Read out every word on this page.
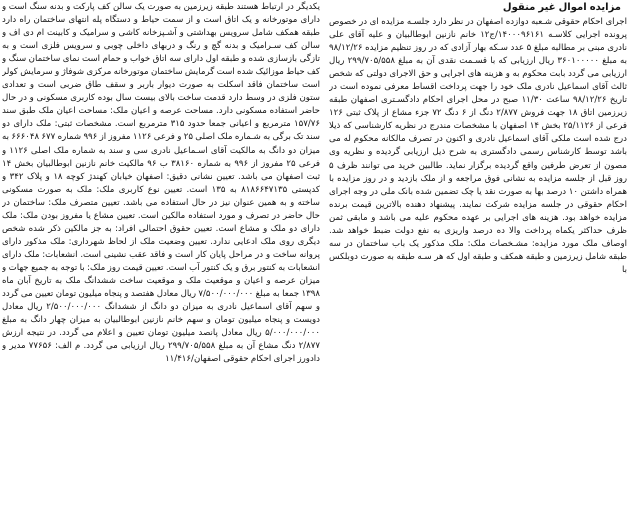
یکدیگر در ارتباط هستند طبقه زیرزمین به صورت یک سالن کف پارکت و بدنه سنگ است و دارای موتورخانه و یک اتاق است و از سمت حیاط و دستگاه پله انتهای ساختمان راه دارد طبقه همکف شامل سرویس بهداشتی و آشـپزخانه کاشی و سرامیک و کابینت ام دی اف و سالن کف سـرامیک و بدنه گچ و رنگ و دربهای داخلی چوبی و سرویس فلزی است و به تازگی بازسازی شده و طبقه اول دارای سه اتاق خواب و حمام است نمای ساختمان سنگ و کف حیاط موزائیک شده است گرمایش ساختمان موتورخانه مرکزی شوفاژ و سرمایش کولر است ساختمان فاقد اسکلت به صورت دیوار باربر و سقف طاق ضربی است و تعدادی ستون فلزی در وسط دارد قدمت ساخت بالای بیست سال بوده کاربری مسکونی و در حال حاضر استفاده مسکونی دارد. مساحت عرصه و اعیان ملک: مساحت اعیان ملک طبق سند ۱۵۷/۷۶ مترمربع و اعیانی جمعا حدود ۳۱۵ مترمربع است. مشخصات ثبتی: ملک دارای دو سند تک برگی به شـماره ملک اصلی ۲۵ و فرعی ۱۱۲۶ مفروز از ۹۹۶ شماره ۶۷۷ ۶۶۶۰۴۸ به میزان دو دانگ به مالکیت آقای اسـماعیل نادری سی و سند به شماره ملک اصلی ۱۱۲۶ و فرعی ۲۵ مفروز از ۹۹۶ به شماره ۳۸۱۶۰ ب ۹۶ مالکیت خانم نازنین ابوطالبیان بخش ۱۴ ثبت اصفهان می باشد. تعیین نشانی دقیق: اصفهان خیابان کهندژ کوچه ۱۸ و پلاک ۳۴۲ و کدپستی ۸۱۸۶۶۴۷۱۳۵ به ۱۳۵ است. تعیین نوع کاربری ملک: ملک به صورت مسکونی ساخته و به همین عنوان نیز در حال استفاده می باشد. تعیین متصرف ملک: ساختمان در حال حاضر در تصرف و مورد استفاده مالکین است. تعیین مشاع یا مفروز بودن ملک: ملک دارای دو ملک و مشاع است. تعیین حقوق احتمالی افراد: به جز مالکین ذکر شده شخص دیگری روی ملک ادعایی ندارد. تعیین وضعیت ملک از لحاظ شهرداری: ملک مذکور دارای پروانه ساخت و در مراحل پایان کار است و فاقد عقب نشینی است. انشعابات: ملک دارای انشعابات به کنتور برق و یک کنتور آب است. تعیین قیمت روز ملک: با توجه به جمیع جهات و میزان عرصه و اعیان و موقعیت ملک و موقعیت ساخت ششدانگ ملک به تاریخ آبان ماه ۱۳۹۸ جمعا به مبلغ ۷/۵۰۰/۰۰۰/۰۰۰ ریال معادل هفتصد و پنجاه میلیون تومان تعیین می گردد و سهم آقای اسماعیل نادری به میزان دو دانگ از ششدانگ ۲/۵۰۰/۰۰۰/۰۰۰ ریال معادل دویست و پنجاه میلیون تومان و سهم خانم نازنین ابوطالبیان به میزان چهار دانگ به مبلغ ۵/۰۰۰/۰۰۰/۰۰۰ ریال معادل پانصد میلیون تومان تعیین و اعلام می گردد. در نتیجه ارزش ۲/۸۷۷ دنگ مشاع آن به مبلغ ۲۹۹/۷۰۵/۵۵۸ ریال ارزیابی می گردد. م الف: ۷۷۶۵۶ مدیر و دادورز اجرای احکام حقوقی اصفهان/۱۱/۴۱۶

مزایده اموال غیر منقول

اجرای احکام حقوقی شـعبه دوازده اصفهان در نظر دارد جلسـه مزایده ای در خصوص پرونده اجرایی کلاسـه ۱۴۰۰۰۹۶۱۶۱/ج۱۲ خانم نازنین ابوطالبیان و علیه آقای علی نادری مبنی بر مطالبه مبلغ ۵ عدد سـکه بهار آزادی که در روز تنظیم مزایده ۹۸/۱۲/۲۶ به مبلغ ۳۶۰۱۰۰۰۰۰ ریال ارزیابی که با قسـمت نقدی آن به مبلغ ۲۹۹/۷۰۵/۵۵۸ ریال ارزیابی می گردد بابت محکوم به و هزینه های اجرایی و حق الاجرای دولتی که شخص ثالث آقای اسماعیل نادری ملک خود را جهت پرداخت اقساط معرفی نموده است در تاریخ ۹۸/۱۲/۲۶ ساعت ۱۱/۳۰ صبح در محل اجرای احکام دادگسـتری اصفهان طبقه زیرزمین اتاق ۱۸ جهت فروش ۲/۸۷۷ دنگ از ۶ دنگ ۷۲ جزء مشاع از پلاک ثبتی ۱۲۶ فرعی از ۲۵/۱۱۲۶ بخش ۱۴ اصفهان با مشخصات مندرج در نظریه کارشناسی که ذیلا درج شده است ملکی آقای اسماعیل نادری و اکنون در تصرف مالکانه محکوم له می باشد توسط کارشناس رسمی دادگستری به شرح ذیل ارزیابی گردیده و نظریه وی مصون از تعرض طرفین واقع گردیده برگزار نماید. طالبین خرید می توانند ظرف ۵ روز قبل از جلسه مزایده به نشانی فوق مراجعه و از ملک بازدید و در روز مزایده با همراه داشتن ۱۰ درصد بها به صورت نقد یا چک تضمین شده بانک ملی در وجه اجرای احکام حقوقی در جلسه مزایده شرکت نمایند. پیشنهاد دهنده بالاترین قیمت برنده مزایده خواهد بود. هزینه های اجرایی بر عهده محکوم علیه می باشد و مابقی ثمن ظرف حداکثر یکماه پرداخت والا ده درصد واریزی به نفع دولت ضبط خواهد شد. اوصاف ملک مورد مزایده: مشـخصات ملک: ملک مذکور یک باب ساختمان در سه طبقه شامل زیرزمین و طبقه همکف و طبقه اول که هر سـه طبقه به صورت دوبلکس با
